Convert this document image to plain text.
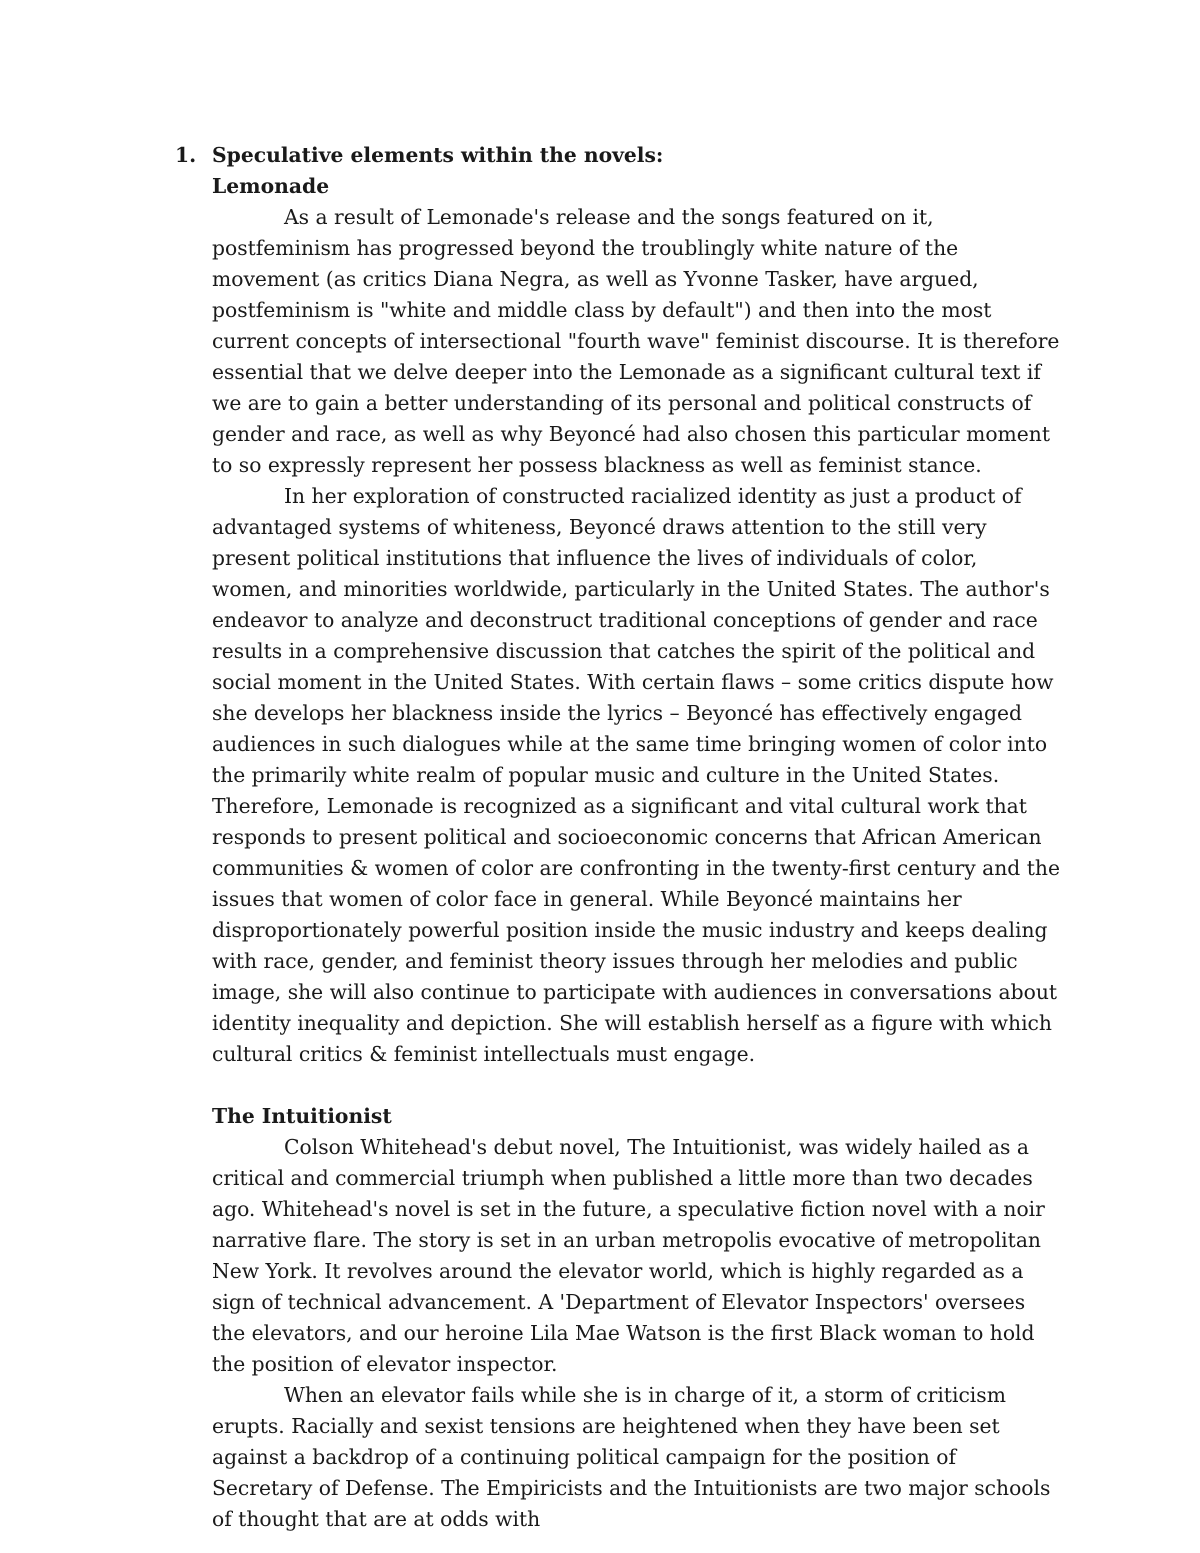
1. Speculative elements within the novels:

Lemonade

As a result of Lemonade's release and the songs featured on it, postfeminism has progressed beyond the troublingly white nature of the movement (as critics Diana Negra, as well as Yvonne Tasker, have argued, postfeminism is "white and middle class by default") and then into the most current concepts of intersectional "fourth wave" feminist discourse. It is therefore essential that we delve deeper into the Lemonade as a significant cultural text if we are to gain a better understanding of its personal and political constructs of gender and race, as well as why Beyoncé had also chosen this particular moment to so expressly represent her possess blackness as well as feminist stance.

In her exploration of constructed racialized identity as just a product of advantaged systems of whiteness, Beyoncé draws attention to the still very present political institutions that influence the lives of individuals of color, women, and minorities worldwide, particularly in the United States. The author's endeavor to analyze and deconstruct traditional conceptions of gender and race results in a comprehensive discussion that catches the spirit of the political and social moment in the United States. With certain flaws – some critics dispute how she develops her blackness inside the lyrics – Beyoncé has effectively engaged audiences in such dialogues while at the same time bringing women of color into the primarily white realm of popular music and culture in the United States. Therefore, Lemonade is recognized as a significant and vital cultural work that responds to present political and socioeconomic concerns that African American communities & women of color are confronting in the twenty-first century and the issues that women of color face in general. While Beyoncé maintains her disproportionately powerful position inside the music industry and keeps dealing with race, gender, and feminist theory issues through her melodies and public image, she will also continue to participate with audiences in conversations about identity inequality and depiction. She will establish herself as a figure with which cultural critics & feminist intellectuals must engage.

The Intuitionist

Colson Whitehead's debut novel, The Intuitionist, was widely hailed as a critical and commercial triumph when published a little more than two decades ago. Whitehead's novel is set in the future, a speculative fiction novel with a noir narrative flare. The story is set in an urban metropolis evocative of metropolitan New York. It revolves around the elevator world, which is highly regarded as a sign of technical advancement. A 'Department of Elevator Inspectors' oversees the elevators, and our heroine Lila Mae Watson is the first Black woman to hold the position of elevator inspector.

When an elevator fails while she is in charge of it, a storm of criticism erupts. Racially and sexist tensions are heightened when they have been set against a backdrop of a continuing political campaign for the position of Secretary of Defense. The Empiricists and the Intuitionists are two major schools of thought that are at odds with
